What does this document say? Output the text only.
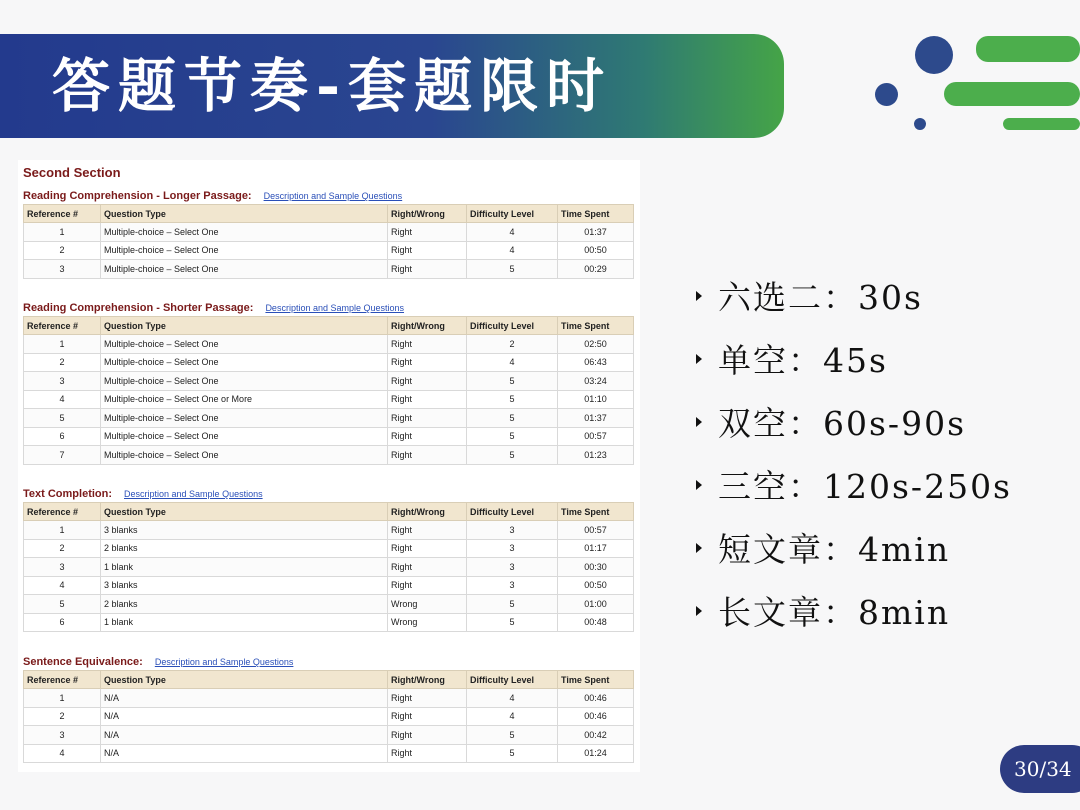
答题节奏-套题限时
Second Section
Reading Comprehension - Longer Passage: Description and Sample Questions
Reference #	Question Type	Right/Wrong	Difficulty Level	Time Spent
1	Multiple-choice – Select One	Right	4	01:37
2	Multiple-choice – Select One	Right	4	00:50
3	Multiple-choice – Select One	Right	5	00:29
Reading Comprehension - Shorter Passage: Description and Sample Questions
Reference #	Question Type	Right/Wrong	Difficulty Level	Time Spent
1	Multiple-choice – Select One	Right	2	02:50
2	Multiple-choice – Select One	Right	4	06:43
3	Multiple-choice – Select One	Right	5	03:24
4	Multiple-choice – Select One or More	Right	5	01:10
5	Multiple-choice – Select One	Right	5	01:37
6	Multiple-choice – Select One	Right	5	00:57
7	Multiple-choice – Select One	Right	5	01:23
Text Completion: Description and Sample Questions
Reference #	Question Type	Right/Wrong	Difficulty Level	Time Spent
1	3 blanks	Right	3	00:57
2	2 blanks	Right	3	01:17
3	1 blank	Right	3	00:30
4	3 blanks	Right	3	00:50
5	2 blanks	Wrong	5	01:00
6	1 blank	Wrong	5	00:48
Sentence Equivalence: Description and Sample Questions
Reference #	Question Type	Right/Wrong	Difficulty Level	Time Spent
1	N/A	Right	4	00:46
2	N/A	Right	4	00:46
3	N/A	Right	5	00:42
4	N/A	Right	5	01:24
六选二：30s
单空：45s
双空：60s-90s
三空：120s-250s
短文章：4min
长文章：8min
30/34
